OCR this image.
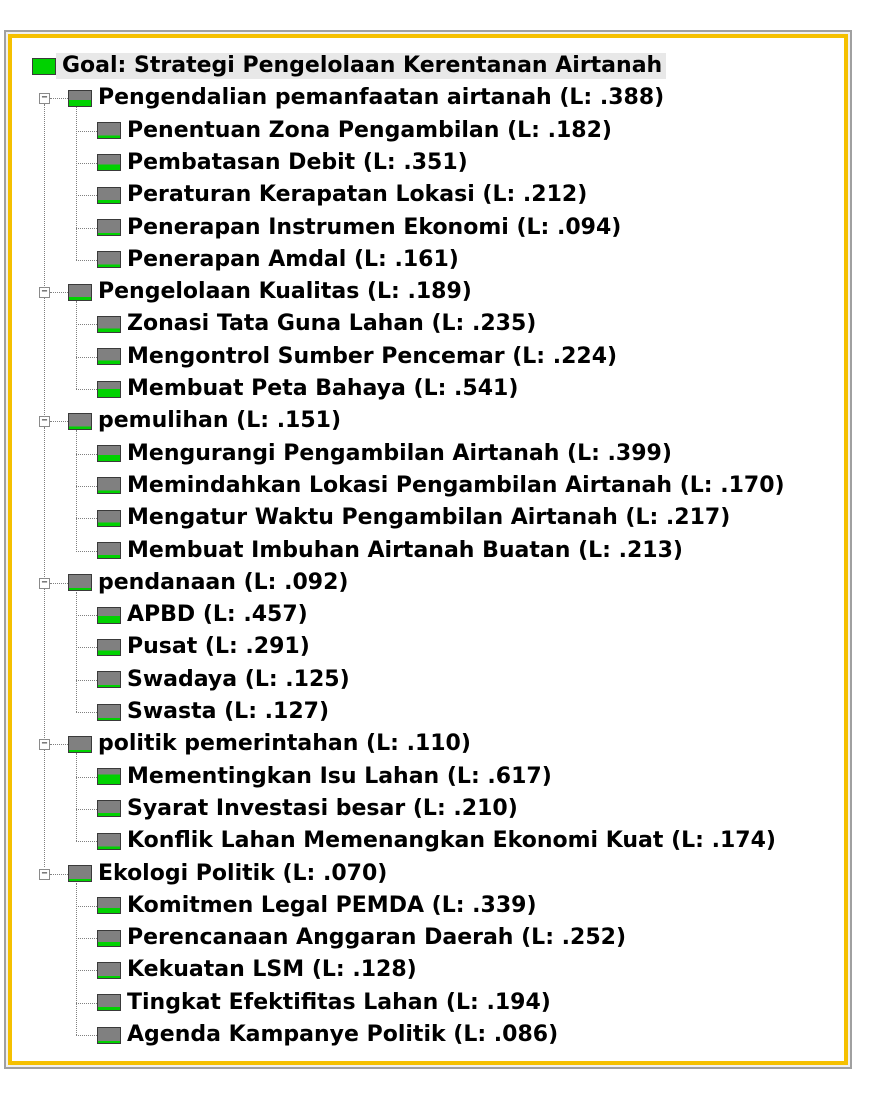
Goal: Strategi Pengelolaan Kerentanan Airtanah
− Pengendalian pemanfaatan airtanah (L: .388)
Penentuan Zona Pengambilan (L: .182)
Pembatasan Debit (L: .351)
Peraturan Kerapatan Lokasi (L: .212)
Penerapan Instrumen Ekonomi (L: .094)
Penerapan Amdal (L: .161)
− Pengelolaan Kualitas (L: .189)
Zonasi Tata Guna Lahan (L: .235)
Mengontrol Sumber Pencemar (L: .224)
Membuat Peta Bahaya (L: .541)
− pemulihan (L: .151)
Mengurangi Pengambilan Airtanah (L: .399)
Memindahkan Lokasi Pengambilan Airtanah (L: .170)
Mengatur Waktu Pengambilan Airtanah (L: .217)
Membuat Imbuhan Airtanah Buatan (L: .213)
− pendanaan (L: .092)
APBD (L: .457)
Pusat (L: .291)
Swadaya (L: .125)
Swasta (L: .127)
− politik pemerintahan (L: .110)
Mementingkan Isu Lahan (L: .617)
Syarat Investasi besar (L: .210)
Konflik Lahan Memenangkan Ekonomi Kuat (L: .174)
− Ekologi Politik (L: .070)
Komitmen Legal PEMDA (L: .339)
Perencanaan Anggaran Daerah (L: .252)
Kekuatan LSM (L: .128)
Tingkat Efektifitas Lahan (L: .194)
Agenda Kampanye Politik (L: .086)
